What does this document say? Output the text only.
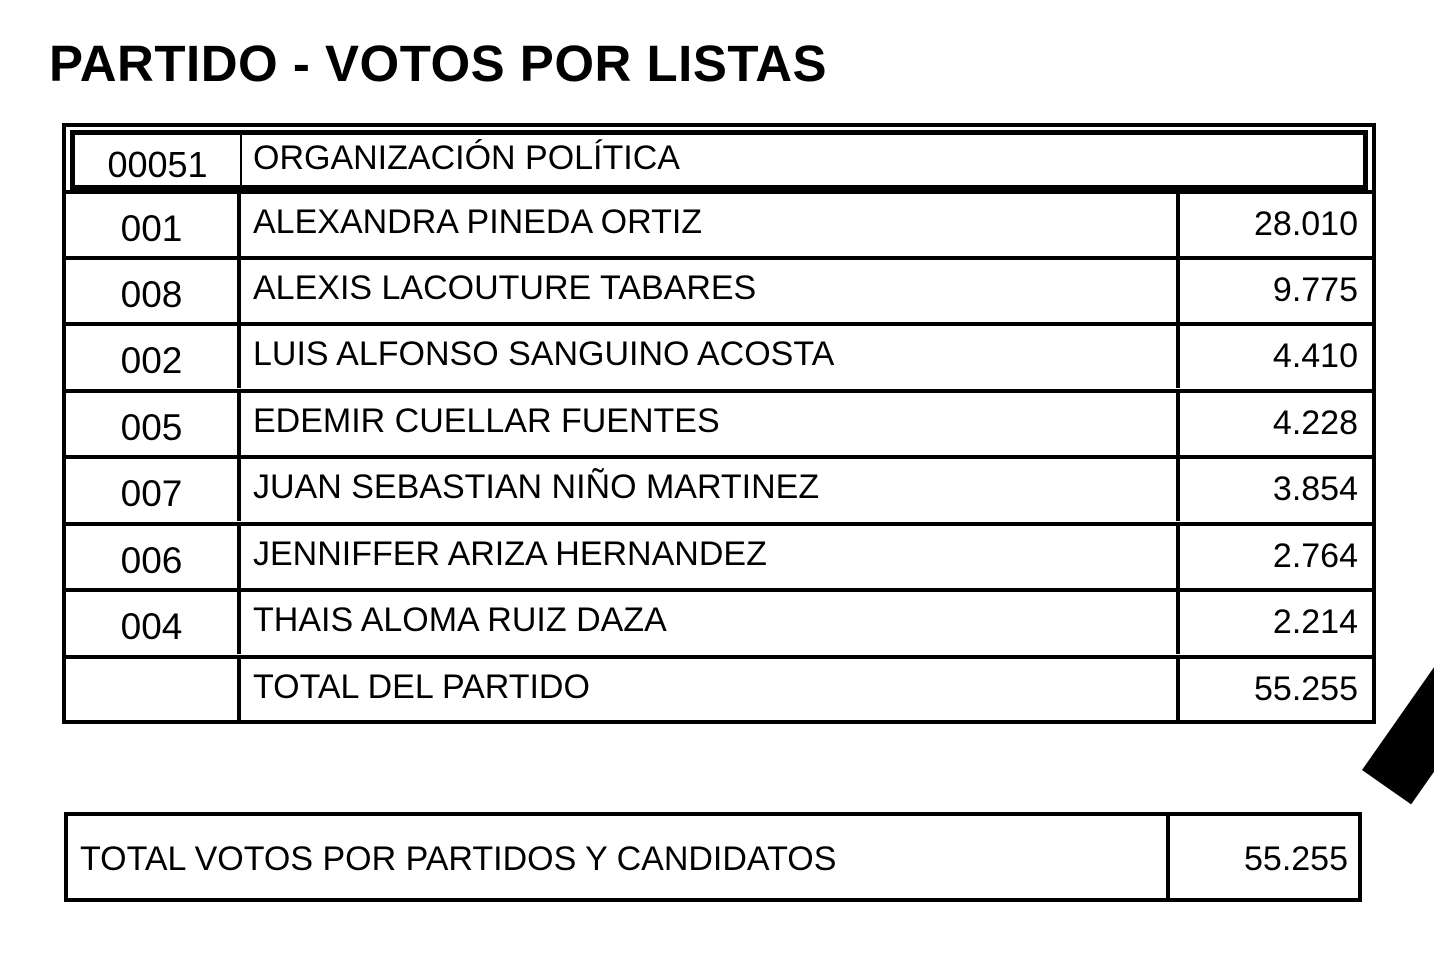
PARTIDO - VOTOS POR LISTAS
00051	ORGANIZACIÓN POLÍTICA
001	ALEXANDRA PINEDA ORTIZ	28.010
008	ALEXIS LACOUTURE TABARES	9.775
002	LUIS ALFONSO SANGUINO ACOSTA	4.410
005	EDEMIR CUELLAR FUENTES	4.228
007	JUAN SEBASTIAN NIÑO MARTINEZ	3.854
006	JENNIFFER ARIZA HERNANDEZ	2.764
004	THAIS ALOMA RUIZ DAZA	2.214
TOTAL DEL PARTIDO	55.255
TOTAL VOTOS POR PARTIDOS Y CANDIDATOS	55.255
